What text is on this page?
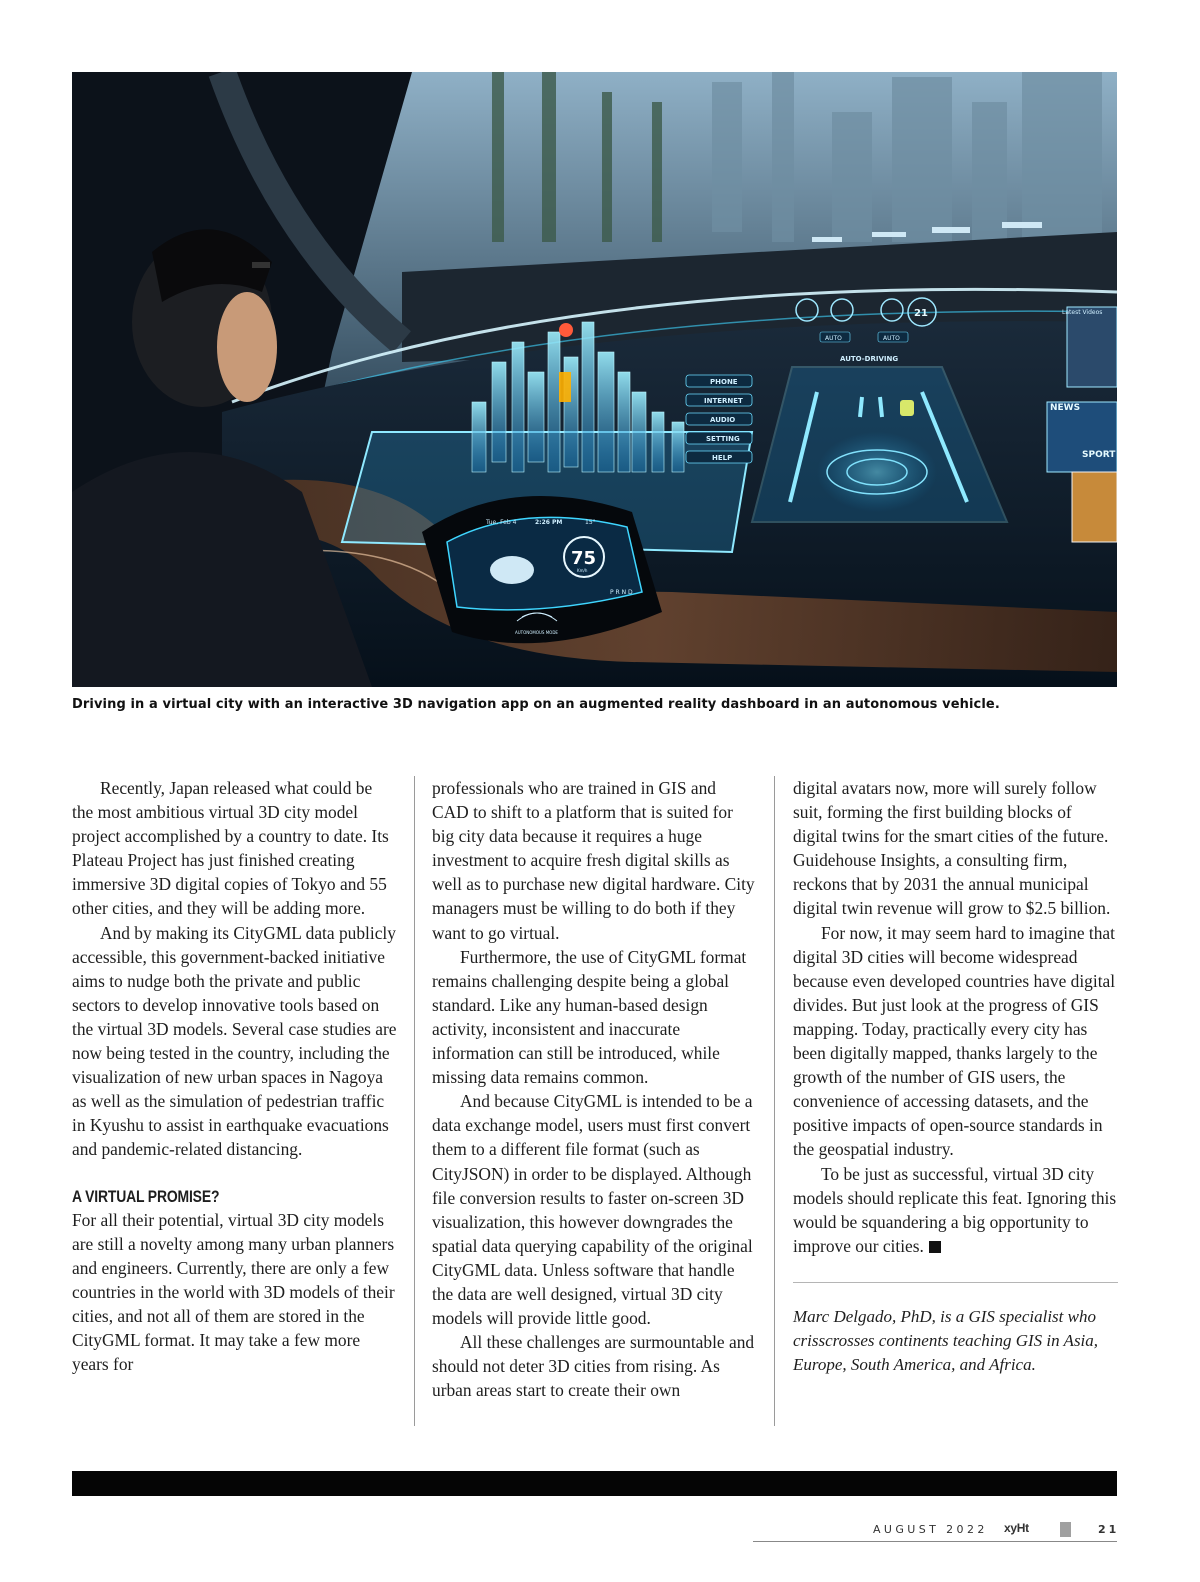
PHONE
INTERNET
AUDIO
SETTING
HELP
21
AUTO	AUTO
AUTO-DRIVING
Latest Videos
NEWS
SPORT
75
Km/h
Tue, Feb 4	2:26 PM	15°
P R N D
AUTONOMOUS MODE
Driving in a virtual city with an interactive 3D navigation app on an augmented reality dashboard in an autonomous vehicle.

Recently, Japan released what could be the most ambitious virtual 3D city model project accomplished by a country to date. Its Plateau Project has just finished creating immersive 3D digital copies of Tokyo and 55 other cities, and they will be adding more.

And by making its CityGML data publicly accessible, this government-backed initiative aims to nudge both the private and public sectors to develop innovative tools based on the virtual 3D models. Several case studies are now being tested in the country, including the visualization of new urban spaces in Nagoya as well as the simulation of pedestrian traffic in Kyushu to assist in earthquake evacuations and pandemic-related distancing.

A VIRTUAL PROMISE?

For all their potential, virtual 3D city models are still a novelty among many urban planners and engineers. Currently, there are only a few countries in the world with 3D models of their cities, and not all of them are stored in the CityGML format. It may take a few more years for

professionals who are trained in GIS and CAD to shift to a platform that is suited for big city data because it requires a huge investment to acquire fresh digital skills as well as to purchase new digital hardware. City managers must be willing to do both if they want to go virtual.

Furthermore, the use of CityGML format remains challenging despite being a global standard. Like any human-based design activity, inconsistent and inaccurate information can still be introduced, while missing data remains common.

And because CityGML is intended to be a data exchange model, users must first convert them to a different file format (such as CityJSON) in order to be displayed. Although file conversion results to faster on-screen 3D visualization, this however downgrades the spatial data querying capability of the original CityGML data. Unless software that handle the data are well designed, virtual 3D city models will provide little good.

All these challenges are surmountable and should not deter 3D cities from rising. As urban areas start to create their own

digital avatars now, more will surely follow suit, forming the first building blocks of digital twins for the smart cities of the future. Guidehouse Insights, a consulting firm, reckons that by 2031 the annual municipal digital twin revenue will grow to $2.5 billion.

For now, it may seem hard to imagine that digital 3D cities will become widespread because even developed countries have digital divides. But just look at the progress of GIS mapping. Today, practically every city has been digitally mapped, thanks largely to the growth of the number of GIS users, the convenience of accessing datasets, and the positive impacts of open-source standards in the geospatial industry.

To be just as successful, virtual 3D city models should replicate this feat. Ignoring this would be squandering a big opportunity to improve our cities.

Marc Delgado, PhD, is a GIS specialist who crisscrosses continents teaching GIS in Asia, Europe, South America, and Africa.
AUGUST 2022 xyHt	21
